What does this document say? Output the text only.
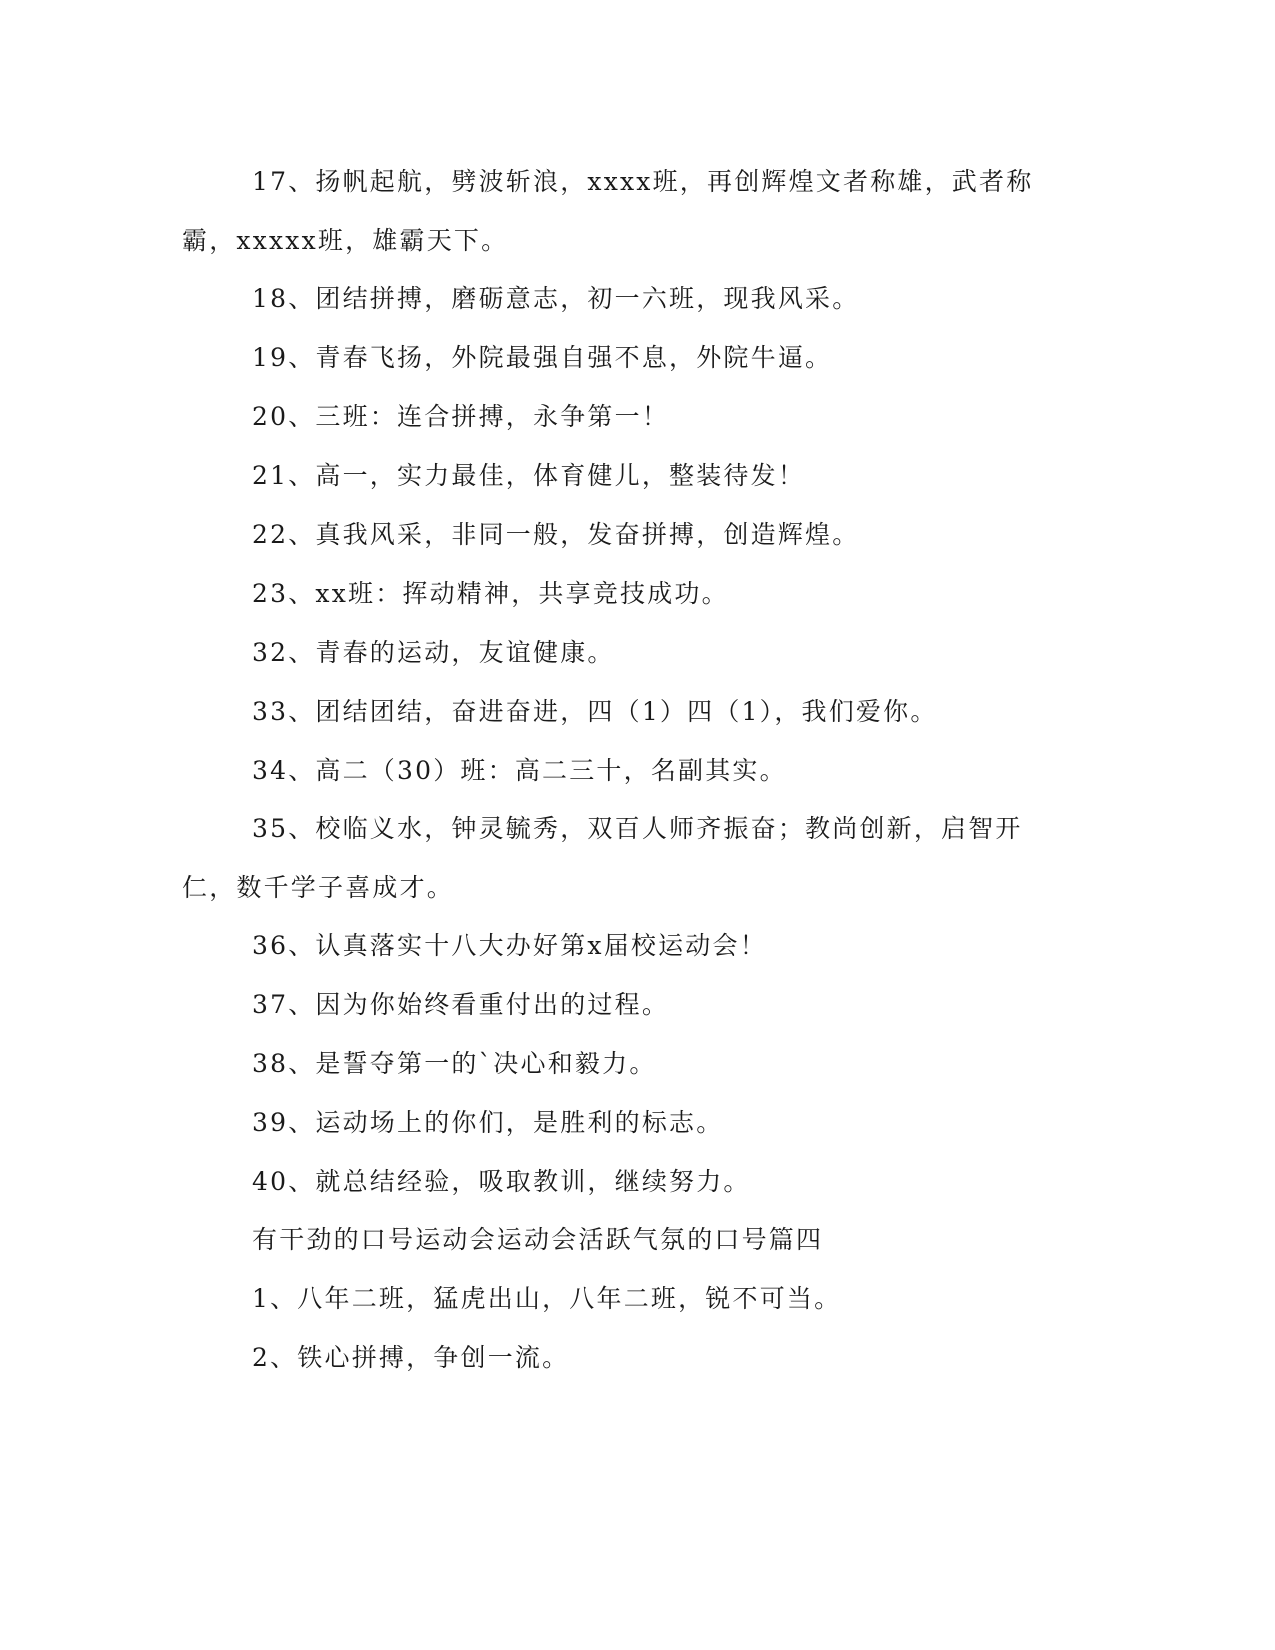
17、扬帆起航，劈波斩浪，xxxx班，再创辉煌文者称雄，武者称霸，xxxxx班，雄霸天下。

18、团结拼搏，磨砺意志，初一六班，现我风采。

19、青春飞扬，外院最强自强不息，外院牛逼。

20、三班：连合拼搏，永争第一！

21、高一，实力最佳，体育健儿，整装待发！

22、真我风采，非同一般，发奋拼搏，创造辉煌。

23、xx班：挥动精神，共享竞技成功。

32、青春的运动，友谊健康。

33、团结团结，奋进奋进，四（1）四（1），我们爱你。

34、高二（30）班：高二三十，名副其实。

35、校临义水，钟灵毓秀，双百人师齐振奋；教尚创新，启智开仁，数千学子喜成才。

36、认真落实十八大办好第x届校运动会！

37、因为你始终看重付出的过程。

38、是誓夺第一的`决心和毅力。

39、运动场上的你们，是胜利的标志。

40、就总结经验，吸取教训，继续努力。

有干劲的口号运动会运动会活跃气氛的口号篇四

1、八年二班，猛虎出山，八年二班，锐不可当。

2、铁心拼搏，争创一流。
